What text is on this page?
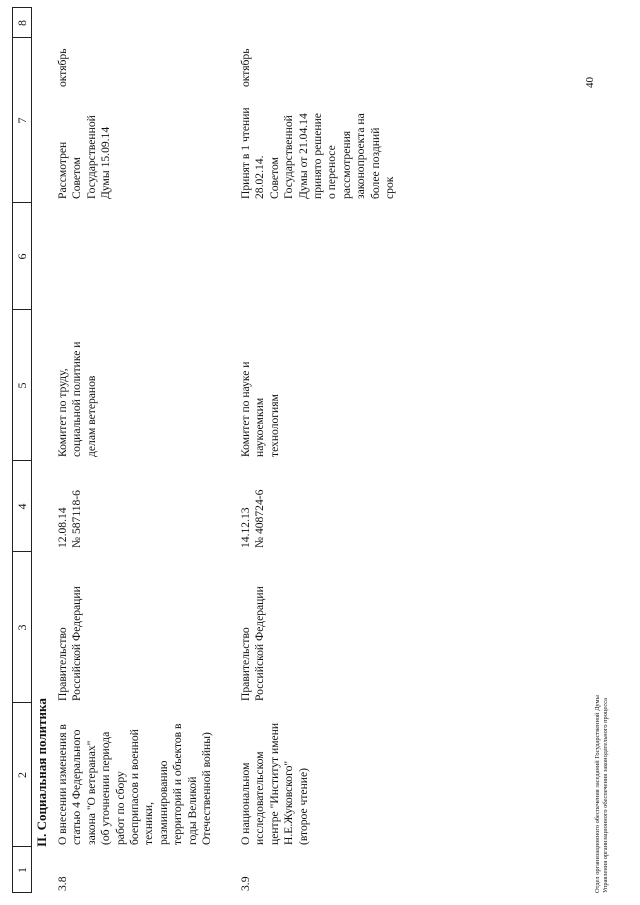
1
2
3
4
5
6
7
8
II. Социальная политика
3.8
О внесении изменения в
статью 4 Федерального
закона "О ветеранах"
(об уточнении периода
работ по сбору
боеприпасов и военной
техники,
разминированию
территорий и объектов в
годы Великой
Отечественной войны)
Правительство
Российской Федерации
12.08.14
№ 587118-6
Комитет по труду,
социальной политике и
делам ветеранов
Рассмотрен
Советом
Государственной
Думы 15.09.14
октябрь
3.9
О национальном
исследовательском
центре "Институт имени
Н.Е.Жуковского"
(второе чтение)
Правительство
Российской Федерации
14.12.13
№ 408724-6
Комитет по науке и
наукоемким
технологиям
Принят в 1 чтении
28.02.14.
Советом
Государственной
Думы от 21.04.14
принято решение
о переносе
рассмотрения
законопроекта на
более поздний
срок
октябрь
Отдел организационного обеспечения заседаний Государственной Думы Управления организационного обеспечения законодательного процесса
40
